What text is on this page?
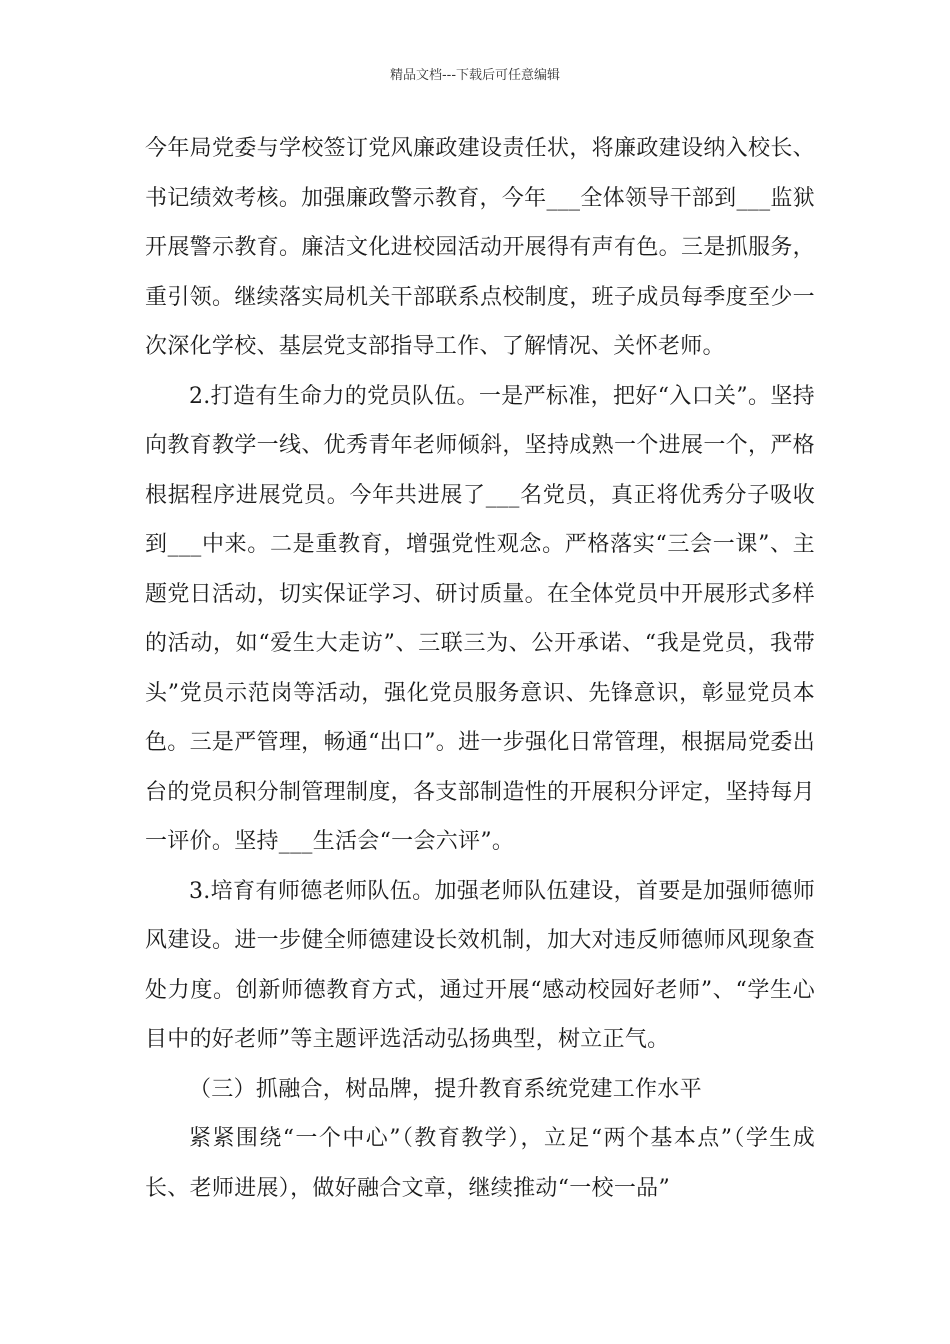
精品文档---下载后可任意编辑

今年局党委与学校签订党风廉政建设责任状，将廉政建设纳入校长、书记绩效考核。加强廉政警示教育，今年___全体领导干部到___监狱开展警示教育。廉洁文化进校园活动开展得有声有色。三是抓服务，重引领。继续落实局机关干部联系点校制度，班子成员每季度至少一次深化学校、基层党支部指导工作、了解情况、关怀老师。

2.打造有生命力的党员队伍。一是严标准，把好“入口关”。坚持向教育教学一线、优秀青年老师倾斜，坚持成熟一个进展一个，严格根据程序进展党员。今年共进展了___名党员，真正将优秀分子吸收到___中来。二是重教育，增强党性观念。严格落实“三会一课”、主题党日活动，切实保证学习、研讨质量。在全体党员中开展形式多样的活动，如“爱生大走访”、三联三为、公开承诺、“我是党员，我带头”党员示范岗等活动，强化党员服务意识、先锋意识，彰显党员本色。三是严管理，畅通“出口”。进一步强化日常管理，根据局党委出台的党员积分制管理制度，各支部制造性的开展积分评定，坚持每月一评价。坚持___生活会“一会六评”。

3.培育有师德老师队伍。加强老师队伍建设，首要是加强师德师风建设。进一步健全师德建设长效机制，加大对违反师德师风现象查处力度。创新师德教育方式，通过开展“感动校园好老师”、“学生心目中的好老师”等主题评选活动弘扬典型，树立正气。

（三）抓融合，树品牌，提升教育系统党建工作水平

紧紧围绕“一个中心”（教育教学），立足“两个基本点”（学生成长、老师进展），做好融合文章，继续推动“一校一品”
